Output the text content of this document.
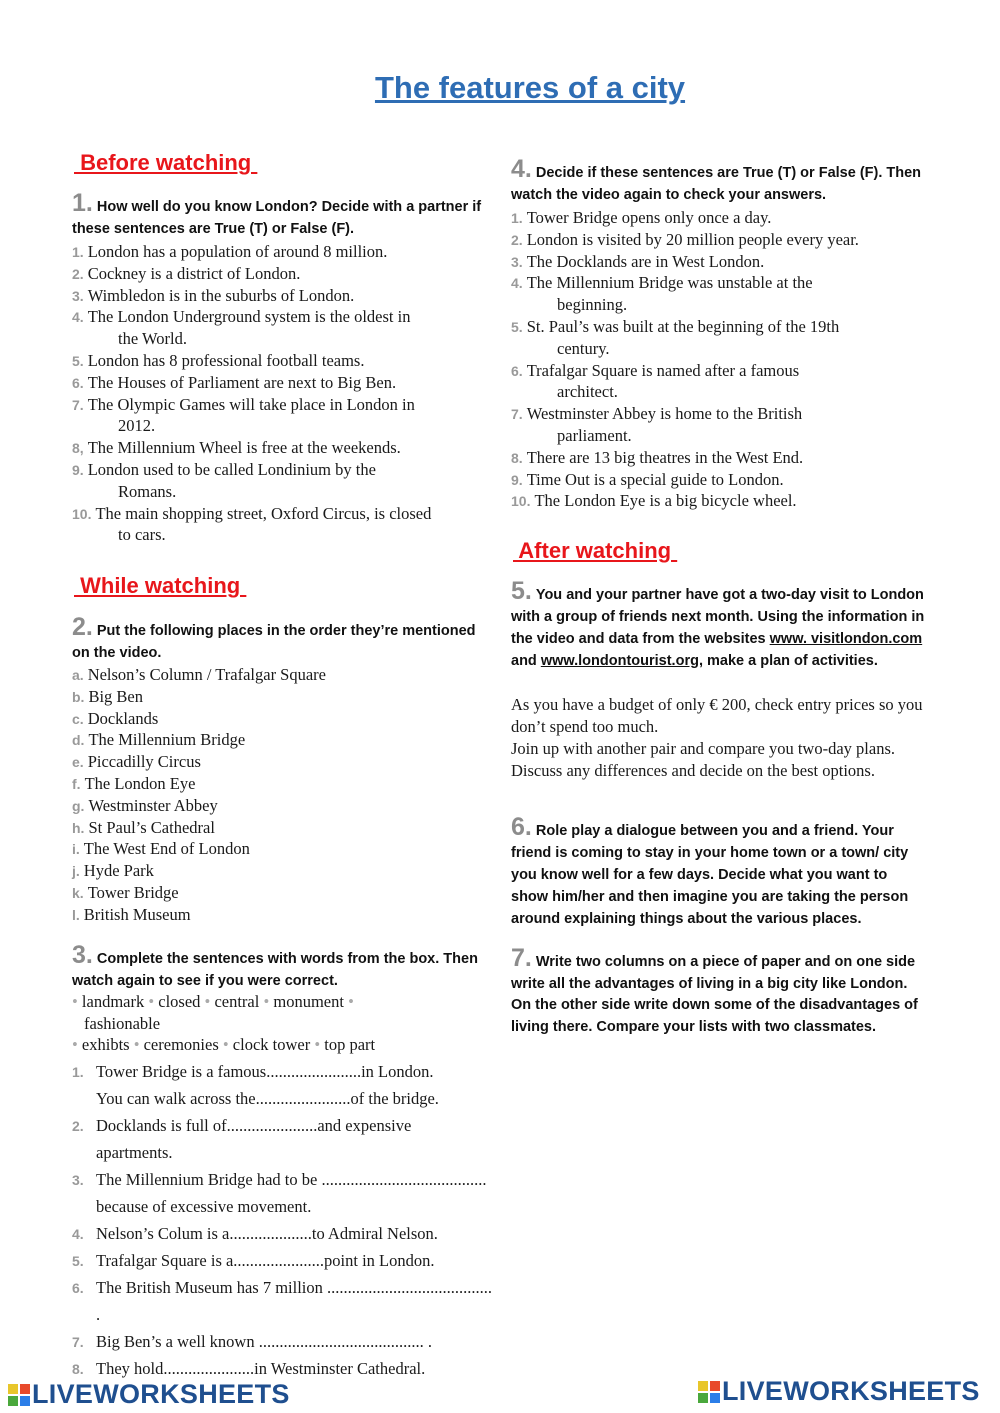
The features of a city
Before watching
1. How well do you know London? Decide with a partner if these sentences are True (T) or False (F).
1. London has a population of around 8 million.
2. Cockney is a district of London.
3. Wimbledon is in the suburbs of London.
4. The London Underground system is the oldest in
the World.
5. London has 8 professional football teams.
6. The Houses of Parliament are next to Big Ben.
7. The Olympic Games will take place in London in
2012.
8, The Millennium Wheel is free at the weekends.
9. London used to be called Londinium by the
Romans.
10. The main shopping street, Oxford Circus, is closed
to cars.
While watching
2. Put the following places in the order they’re mentioned on the video.
a. Nelson’s Column / Trafalgar Square
b. Big Ben
c. Docklands
d. The Millennium Bridge
e. Piccadilly Circus
f. The London Eye
g. Westminster Abbey
h. St Paul’s Cathedral
i. The West End of London
j. Hyde Park
k. Tower Bridge
l. British Museum
3. Complete the sentences with words from the box. Then watch again to see if you were correct.
• landmark • closed • central • monument •
fashionable
• exhibts • ceremonies • clock tower • top part
1. Tower Bridge is a famous.......................in London.
You can walk across the.......................of the bridge.
2. Docklands is full of......................and expensive
apartments.
3. The Millennium Bridge had to be ........................................
because of excessive movement.
4. Nelson’s Colum is a....................to Admiral Nelson.
5. Trafalgar Square is a......................point in London.
6. The British Museum has 7 million ........................................ .
7. Big Ben’s a well known ........................................ .
8. They hold......................in Westminster Cathedral.
4. Decide if these sentences are True (T) or False (F). Then watch the video again to check your answers.
1. Tower Bridge opens only once a day.
2. London is visited by 20 million people every year.
3. The Docklands are in West London.
4. The Millennium Bridge was unstable at the
beginning.
5. St. Paul’s was built at the beginning of the 19th
century.
6. Trafalgar Square is named after a famous
architect.
7. Westminster Abbey is home to the British
parliament.
8. There are 13 big theatres in the West End.
9. Time Out is a special guide to London.
10. The London Eye is a big bicycle wheel.
After watching
5. You and your partner have got a two-day visit to London with a group of friends next month. Using the information in the video and data from the websites www. visitlondon.com and www.londontourist.org, make a plan of activities.
As you have a budget of only € 200, check entry prices so you don’t spend too much.
Join up with another pair and compare you two-day plans. Discuss any differences and decide on the best options.
6. Role play a dialogue between you and a friend. Your friend is coming to stay in your home town or a town/ city you know well for a few days. Decide what you want to show him/her and then imagine you are taking the person around explaining things about the various places.
7. Write two columns on a piece of paper and on one side write all the advantages of living in a big city like London. On the other side write down some of the disadvantages of living there. Compare your lists with two classmates.
LIVEWORKSHEETS	LIVEWORKSHEETS
